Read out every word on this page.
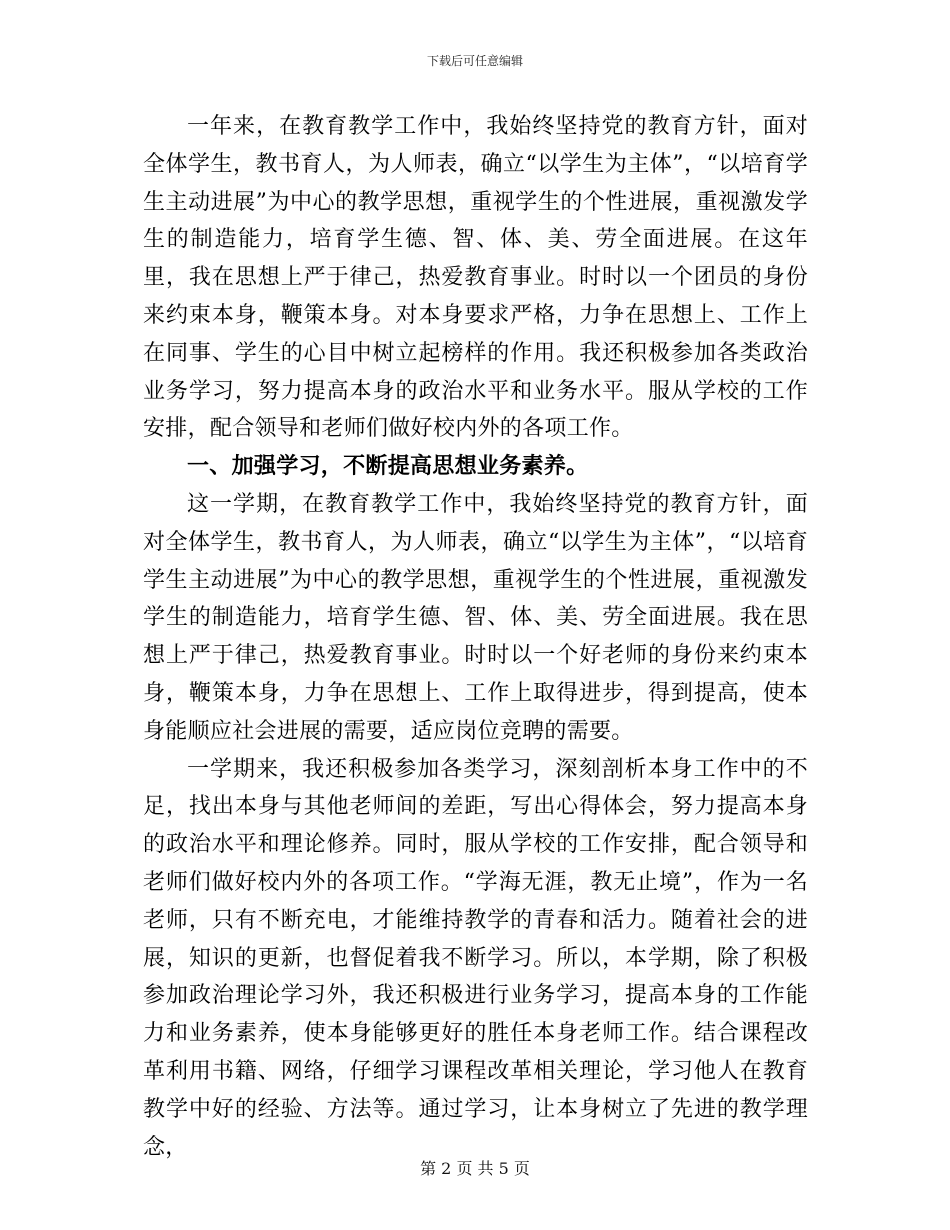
下载后可任意编辑

一年来，在教育教学工作中，我始终坚持党的教育方针，面对全体学生，教书育人，为人师表，确立“以学生为主体”，“以培育学生主动进展”为中心的教学思想，重视学生的个性进展，重视激发学生的制造能力，培育学生德、智、体、美、劳全面进展。在这年里，我在思想上严于律己，热爱教育事业。时时以一个团员的身份来约束本身，鞭策本身。对本身要求严格，力争在思想上、工作上在同事、学生的心目中树立起榜样的作用。我还积极参加各类政治业务学习，努力提高本身的政治水平和业务水平。服从学校的工作安排，配合领导和老师们做好校内外的各项工作。

一、加强学习，不断提高思想业务素养。

这一学期，在教育教学工作中，我始终坚持党的教育方针，面对全体学生，教书育人，为人师表，确立“以学生为主体”，“以培育学生主动进展”为中心的教学思想，重视学生的个性进展，重视激发学生的制造能力，培育学生德、智、体、美、劳全面进展。我在思想上严于律己，热爱教育事业。时时以一个好老师的身份来约束本身，鞭策本身，力争在思想上、工作上取得进步，得到提高，使本身能顺应社会进展的需要，适应岗位竞聘的需要。

一学期来，我还积极参加各类学习，深刻剖析本身工作中的不足，找出本身与其他老师间的差距，写出心得体会，努力提高本身的政治水平和理论修养。同时，服从学校的工作安排，配合领导和老师们做好校内外的各项工作。“学海无涯，教无止境”，作为一名老师，只有不断充电，才能维持教学的青春和活力。随着社会的进展，知识的更新，也督促着我不断学习。所以，本学期，除了积极参加政治理论学习外，我还积极进行业务学习，提高本身的工作能力和业务素养，使本身能够更好的胜任本身老师工作。结合课程改革利用书籍、网络，仔细学习课程改革相关理论，学习他人在教育教学中好的经验、方法等。通过学习，让本身树立了先进的教学理念，

第 2 页 共 5 页
